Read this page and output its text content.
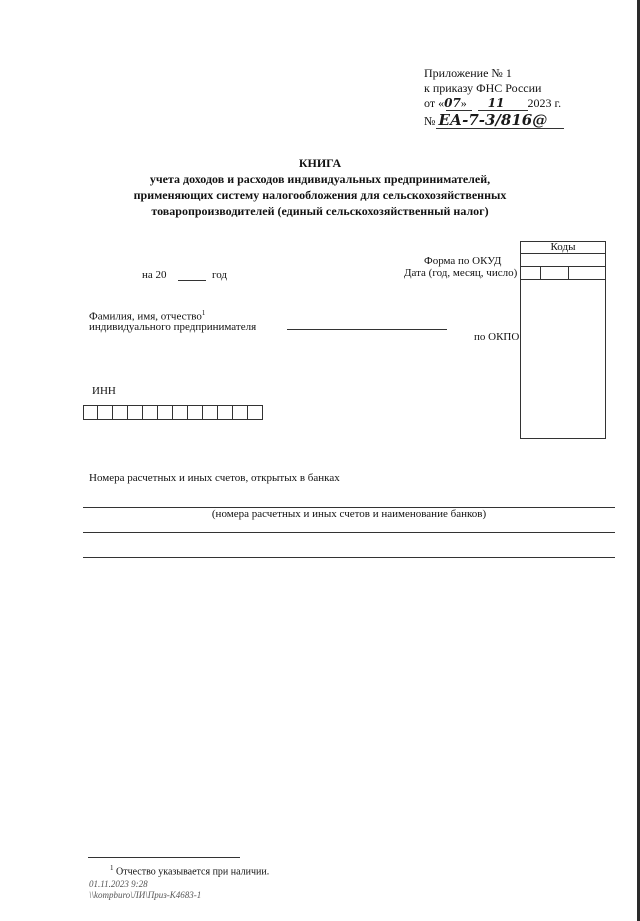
Приложение № 1
к приказу ФНС России
от «07» 11 2023 г.
№ ЕА-7-3/816@
КНИГА
учета доходов и расходов индивидуальных предпринимателей,
применяющих систему налогообложения для сельскохозяйственных
товаропроизводителей (единый сельскохозяйственный налог)
Коды
Форма по ОКУД
Дата (год, месяц, число)
по ОКПО
на 20	год
Фамилия, имя, отчество$^1$
индивидуального предпринимателя
ИНН
Номера расчетных и иных счетов, открытых в банках
(номера расчетных и иных счетов и наименование банков)
$^1$ Отчество указывается при наличии.
01.11.2023 9:28
\\kompburo\ЛИ\Приз-К4683-1
